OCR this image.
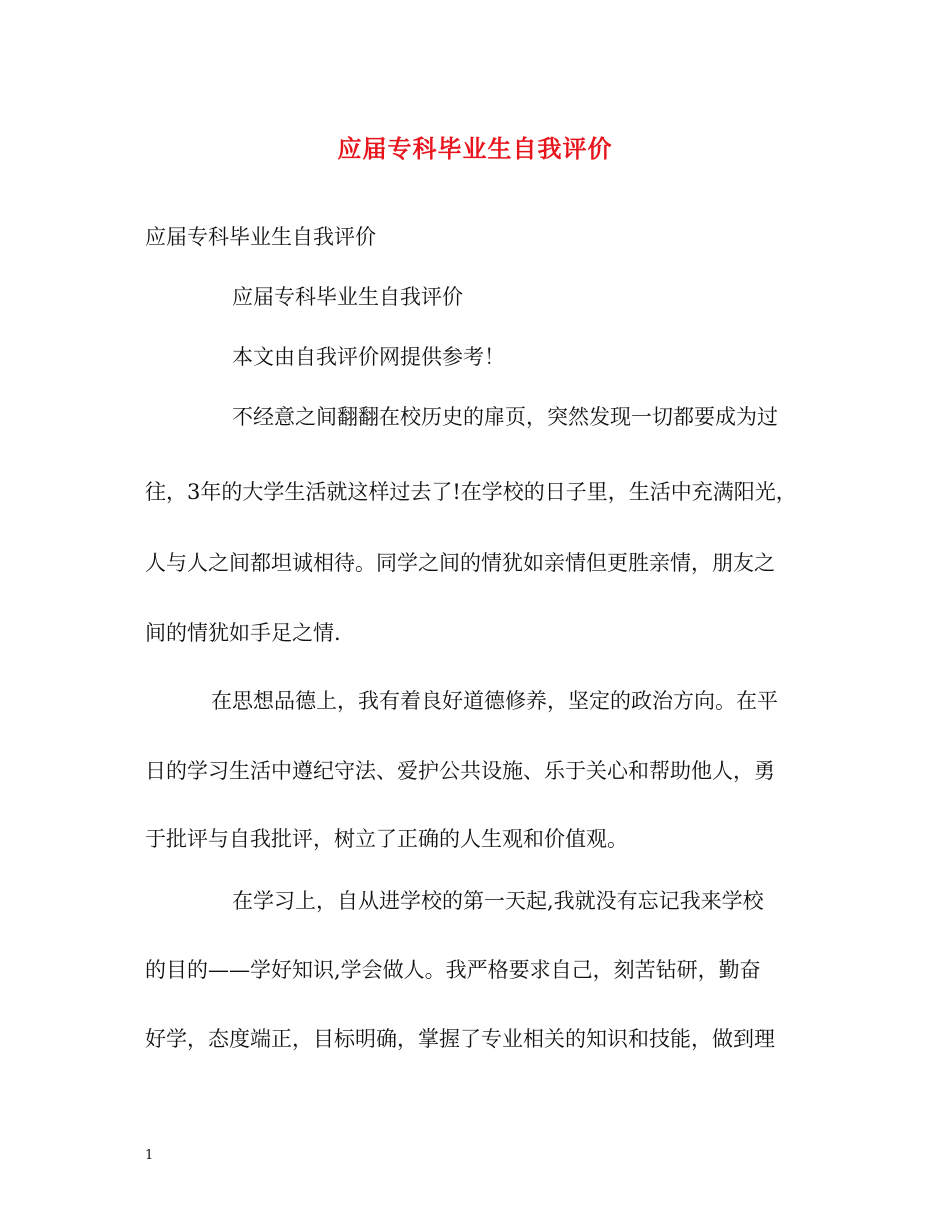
应届专科毕业生自我评价
应届专科毕业生自我评价
应届专科毕业生自我评价
本文由自我评价网提供参考！
不经意之间翻翻在校历史的扉页，突然发现一切都要成为过
往，3年的大学生活就这样过去了!在学校的日子里，生活中充满阳光，
人与人之间都坦诚相待。同学之间的情犹如亲情但更胜亲情，朋友之
间的情犹如手足之情.
在思想品德上，我有着良好道德修养，坚定的政治方向。在平
日的学习生活中遵纪守法、爱护公共设施、乐于关心和帮助他人，勇
于批评与自我批评，树立了正确的人生观和价值观。
在学习上，自从进学校的第一天起,我就没有忘记我来学校
的目的——学好知识,学会做人。我严格要求自己，刻苦钻研，勤奋
好学，态度端正，目标明确，掌握了专业相关的知识和技能，做到理
1
